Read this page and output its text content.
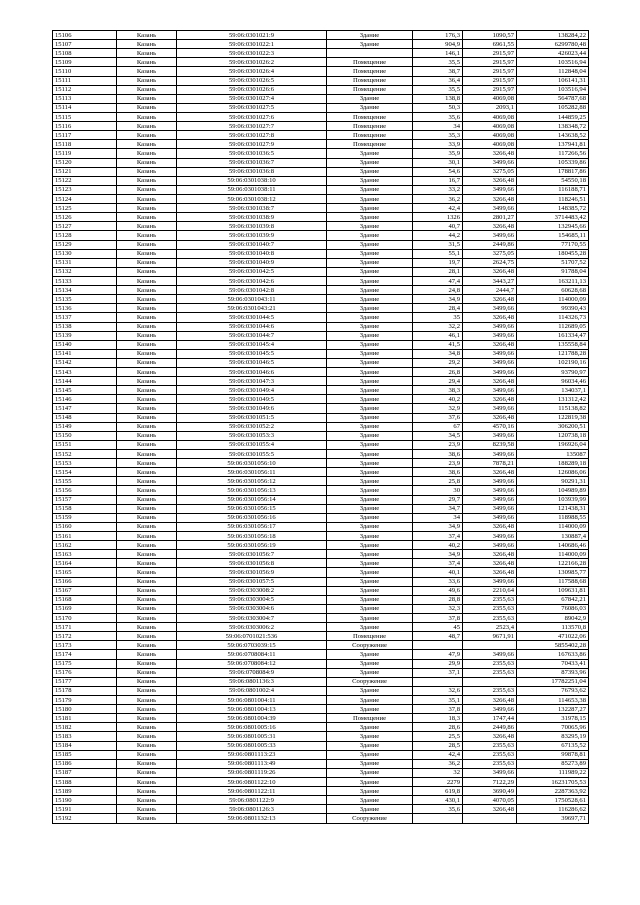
15106	Казань	59:06:0301021:9	Здание	176,3	1090,57	138284,22
15107	Казань	59:06:0301022:1	Здание	904,9	6961,55	6299780,48
15108	Казань	59:06:0301022:3		146,1	2915,97	426023,44
15109	Казань	59:06:0301026:2	Помещение	35,5	2915,97	103516,94
15110	Казань	59:06:0301026:4	Помещение	38,7	2915,97	112848,04
15111	Казань	59:06:0301026:5	Помещение	36,4	2915,97	106141,31
15112	Казань	59:06:0301026:6	Помещение	35,5	2915,97	103516,94
15113	Казань	59:06:0301027:4	Здание	138,8	4069,08	564787,68
15114	Казань	59:06:0301027:5	Здание	50,3	2093,1	105282,88
15115	Казань	59:06:0301027:6	Помещение	35,6	4069,08	144859,25
15116	Казань	59:06:0301027:7	Помещение	34	4069,08	138348,72
15117	Казань	59:06:0301027:8	Помещение	35,3	4069,08	143638,52
15118	Казань	59:06:0301027:9	Помещение	33,9	4069,08	137941,81
15119	Казань	59:06:0301036:5	Здание	35,9	3266,48	117266,56
15120	Казань	59:06:0301036:7	Здание	30,1	3499,66	105339,86
15121	Казань	59:06:0301036:8	Здание	54,6	3275,05	178817,86
15122	Казань	59:06:0301038:10	Здание	16,7	3266,48	54550,18
15123	Казань	59:06:0301038:11	Здание	33,2	3499,66	116188,71
15124	Казань	59:06:0301038:12	Здание	36,2	3266,48	118246,51
15125	Казань	59:06:0301038:7	Здание	42,4	3499,66	148385,72
15126	Казань	59:06:0301038:9	Здание	1326	2801,27	3714483,42
15127	Казань	59:06:0301039:8	Здание	40,7	3266,48	132945,66
15128	Казань	59:06:0301039:9	Здание	44,2	3499,66	154685,11
15129	Казань	59:06:0301040:7	Здание	31,5	2449,86	77170,55
15130	Казань	59:06:0301040:8	Здание	55,1	3275,05	180455,28
15131	Казань	59:06:0301040:9	Здание	19,7	2624,75	51707,52
15132	Казань	59:06:0301042:5	Здание	28,1	3266,48	91788,04
15133	Казань	59:06:0301042:6	Здание	47,4	3443,27	163211,13
15134	Казань	59:06:0301042:8	Здание	24,8	2444,7	60628,68
15135	Казань	59:06:0301043:11	Здание	34,9	3266,48	114000,09
15136	Казань	59:06:0301043:21	Здание	28,4	3499,66	99390,43
15137	Казань	59:06:0301044:5	Здание	35	3266,48	114326,73
15138	Казань	59:06:0301044:6	Здание	32,2	3499,66	112689,05
15139	Казань	59:06:0301044:7	Здание	46,1	3499,66	161334,47
15140	Казань	59:06:0301045:4	Здание	41,5	3266,48	135558,84
15141	Казань	59:06:0301045:5	Здание	34,8	3499,66	121788,28
15142	Казань	59:06:0301046:5	Здание	29,2	3499,66	102190,16
15143	Казань	59:06:0301046:6	Здание	26,8	3499,66	93790,97
15144	Казань	59:06:0301047:3	Здание	29,4	3266,48	96034,46
15145	Казань	59:06:0301049:4	Здание	38,3	3499,66	134037,1
15146	Казань	59:06:0301049:5	Здание	40,2	3266,48	131312,42
15147	Казань	59:06:0301049:6	Здание	32,9	3499,66	115138,82
15148	Казань	59:06:0301051:5	Здание	37,6	3266,48	122819,38
15149	Казань	59:06:0301052:2	Здание	67	4570,16	306200,51
15150	Казань	59:06:0301053:3	Здание	34,5	3499,66	120738,18
15151	Казань	59:06:0301055:4	Здание	23,9	8239,58	196926,04
15152	Казань	59:06:0301055:5	Здание	38,6	3499,66	135087
15153	Казань	59:06:0301056:10	Здание	23,9	7878,21	188289,18
15154	Казань	59:06:0301056:11	Здание	38,6	3266,48	126086,06
15155	Казань	59:06:0301056:12	Здание	25,8	3499,66	90291,31
15156	Казань	59:06:0301056:13	Здание	30	3499,66	104989,89
15157	Казань	59:06:0301056:14	Здание	29,7	3499,66	103939,99
15158	Казань	59:06:0301056:15	Здание	34,7	3499,66	121438,31
15159	Казань	59:06:0301056:16	Здание	34	3499,66	118988,55
15160	Казань	59:06:0301056:17	Здание	34,9	3266,48	114000,09
15161	Казань	59:06:0301056:18	Здание	37,4	3499,66	130887,4
15162	Казань	59:06:0301056:19	Здание	40,2	3499,66	140686,46
15163	Казань	59:06:0301056:7	Здание	34,9	3266,48	114000,09
15164	Казань	59:06:0301056:8	Здание	37,4	3266,48	122166,28
15165	Казань	59:06:0301056:9	Здание	40,1	3266,48	130985,77
15166	Казань	59:06:0301057:5	Здание	33,6	3499,66	117588,68
15167	Казань	59:06:0303008:2	Здание	49,6	2210,64	109631,81
15168	Казань	59:06:0303004:5	Здание	28,8	2355,63	67842,21
15169	Казань	59:06:0303004:6	Здание	32,3	2355,63	76086,03
15170	Казань	59:06:0303004:7	Здание	37,8	2355,63	89042,9
15171	Казань	59:06:0303006:2	Здание	45	2523,4	113570,8
15172	Казань	59:06:0701021:536	Помещение	48,7	9671,91	471022,06
15173	Казань	59:06:0703039:15	Сооружение			5855402,28
15174	Казань	59:06:0708084:11	Здание	47,9	3499,66	167633,86
15175	Казань	59:06:0708084:12	Здание	29,9	2355,63	70433,41
15176	Казань	59:06:0708084:9	Здание	37,1	2355,63	87393,96
15177	Казань	59:06:0801136:3	Сооружение			17782251,04
15178	Казань	59:06:0801002:4	Здание	32,6	2355,63	76793,62
15179	Казань	59:06:0801004:11	Здание	35,1	3266,48	114653,38
15180	Казань	59:06:0801004:13	Здание	37,8	3499,66	132287,27
15181	Казань	59:06:0801004:39	Помещение	18,3	1747,44	31978,15
15182	Казань	59:06:0801005:16	Здание	28,6	2449,86	70065,96
15183	Казань	59:06:0801005:31	Здание	25,5	3266,48	83295,19
15184	Казань	59:06:0801005:33	Здание	28,5	2355,63	67135,52
15185	Казань	59:06:0801113:23	Здание	42,4	2355,63	99878,81
15186	Казань	59:06:0801113:49	Здание	36,2	2355,63	85273,89
15187	Казань	59:06:0801119:26	Здание	32	3499,66	111989,22
15188	Казань	59:06:0801122:10	Здание	2279	7122,29	16231705,53
15189	Казань	59:06:0801122:11	Здание	619,8	3690,49	2287363,92
15190	Казань	59:06:0801122:9	Здание	430,1	4070,05	1750528,61
15191	Казань	59:06:0801126:3	Здание	35,6	3266,48	116286,62
15192	Казань	59:06:0801132:13	Сооружение			39697,71
